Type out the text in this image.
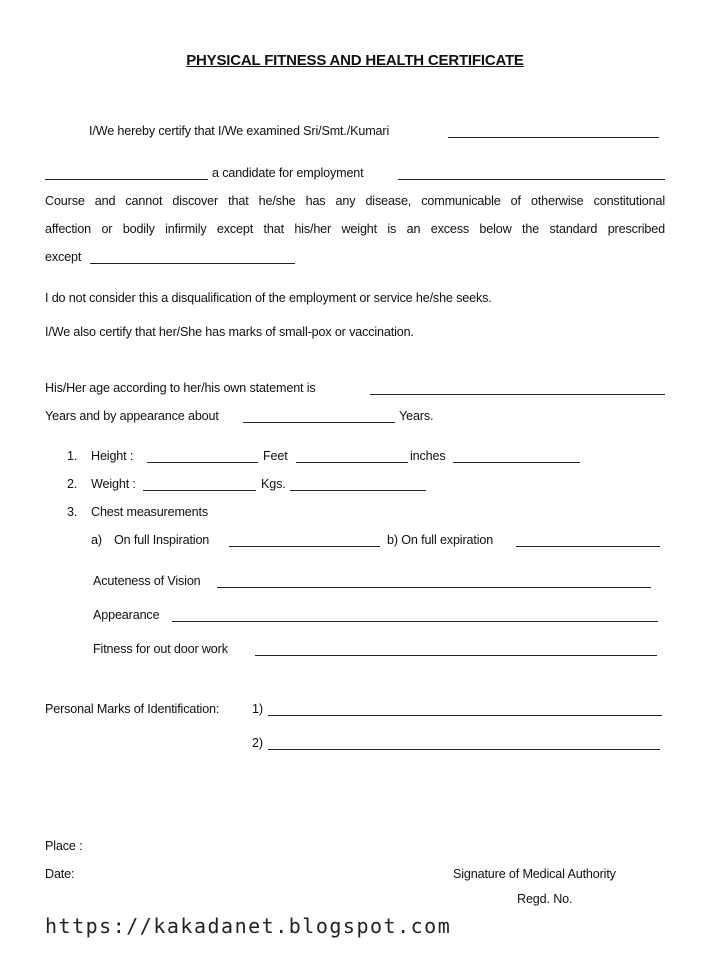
PHYSICAL FITNESS AND HEALTH CERTIFICATE
I/We hereby certify that I/We examined Sri/Smt./Kumari
a candidate for employment
Course and cannot discover that he/she has any disease, communicable of otherwise constitutional
affection or bodily infirmily except that his/her weight is an excess below the standard prescribed
except
I do not consider this a disqualification of the employment or service he/she seeks.
I/We also certify that her/She has marks of small-pox or vaccination.
His/Her age according to her/his own statement is
Years and by appearance about	Years.
1. Height :	Feet	inches
2. Weight :	Kgs.
3. Chest measurements
a) On full Inspiration	b) On full expiration
Acuteness of Vision
Appearance
Fitness for out door work
Personal Marks of Identification:	1)
2)
Place :
Date:	Signature of Medical Authority
Regd. No.
https://kakadanet.blogspot.com
